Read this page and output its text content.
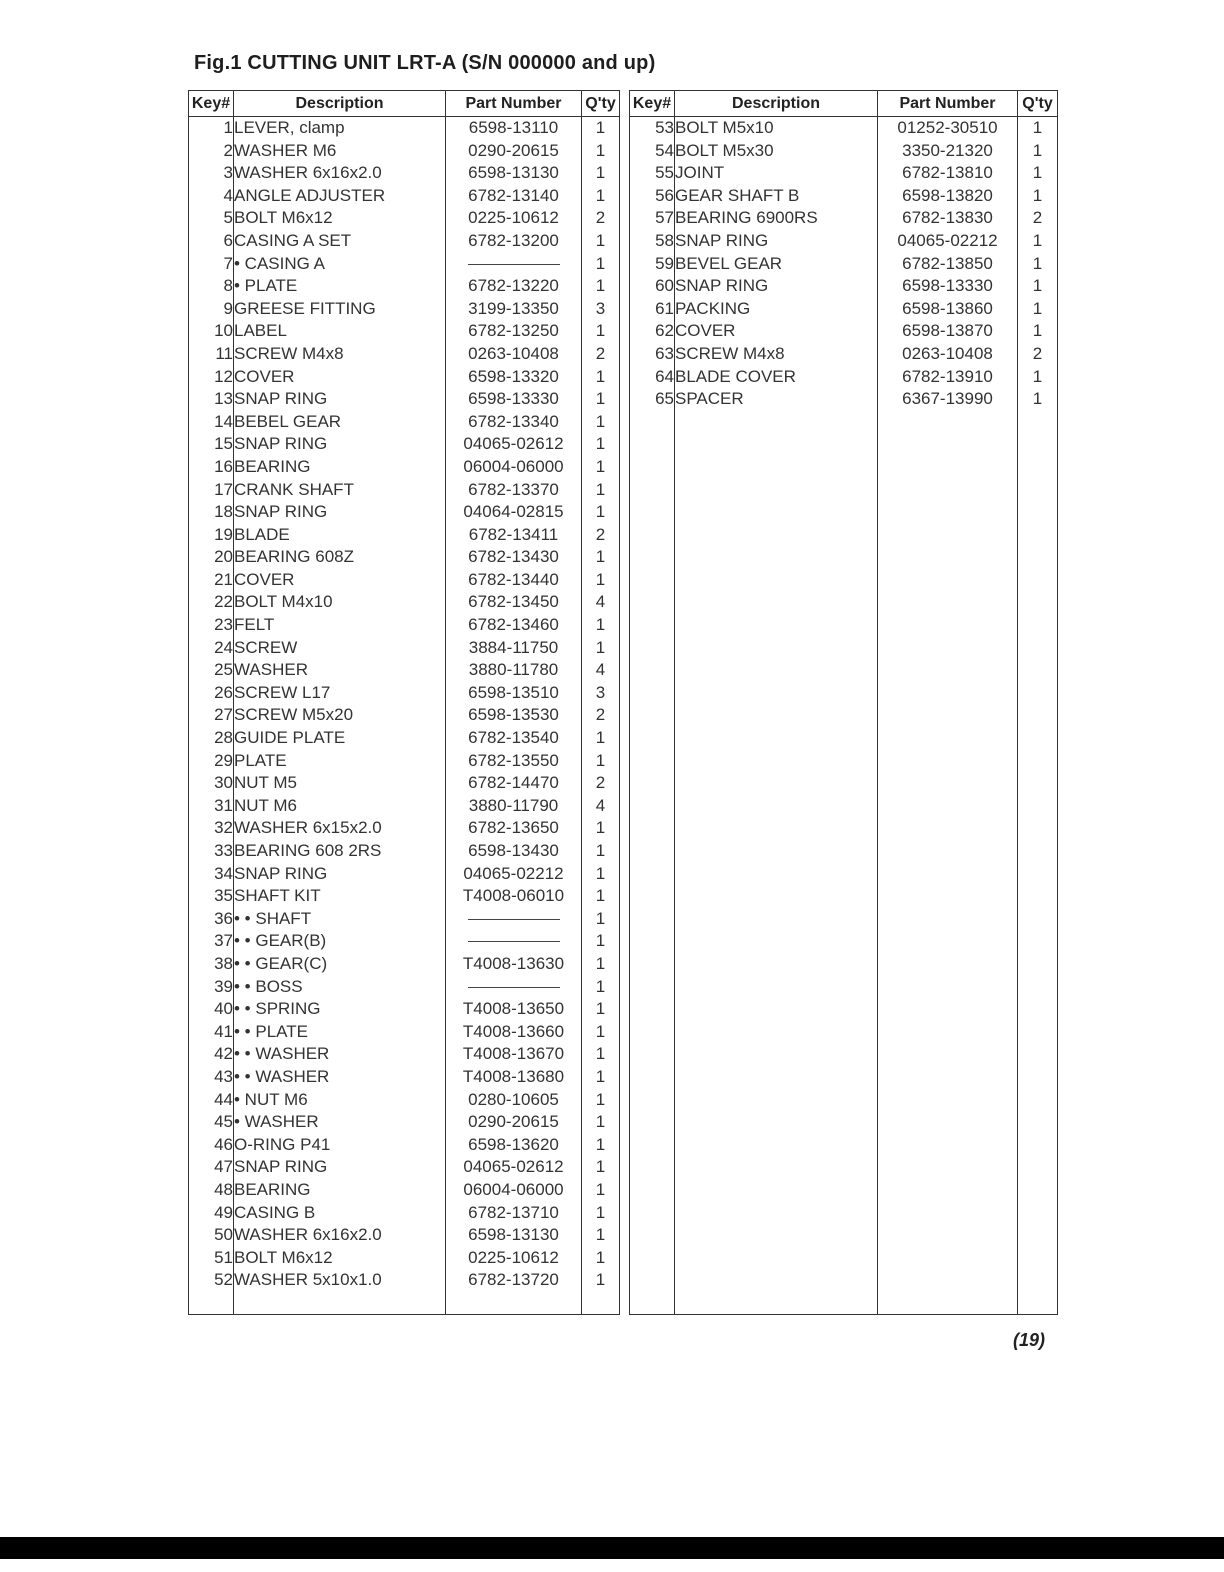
Fig.1 CUTTING UNIT LRT-A (S/N 000000 and up)
Key#	Description	Part Number	Q'ty
1	LEVER, clamp	6598-13110	1
2	WASHER M6	0290-20615	1
3	WASHER 6x16x2.0	6598-13130	1
4	ANGLE ADJUSTER	6782-13140	1
5	BOLT M6x12	0225-10612	2
6	CASING A SET	6782-13200	1
7	• CASING A		1
8	• PLATE	6782-13220	1
9	GREESE FITTING	3199-13350	3
10	LABEL	6782-13250	1
11	SCREW M4x8	0263-10408	2
12	COVER	6598-13320	1
13	SNAP RING	6598-13330	1
14	BEBEL GEAR	6782-13340	1
15	SNAP RING	04065-02612	1
16	BEARING	06004-06000	1
17	CRANK SHAFT	6782-13370	1
18	SNAP RING	04064-02815	1
19	BLADE	6782-13411	2
20	BEARING 608Z	6782-13430	1
21	COVER	6782-13440	1
22	BOLT M4x10	6782-13450	4
23	FELT	6782-13460	1
24	SCREW	3884-11750	1
25	WASHER	3880-11780	4
26	SCREW L17	6598-13510	3
27	SCREW M5x20	6598-13530	2
28	GUIDE PLATE	6782-13540	1
29	PLATE	6782-13550	1
30	NUT M5	6782-14470	2
31	NUT M6	3880-11790	4
32	WASHER 6x15x2.0	6782-13650	1
33	BEARING 608 2RS	6598-13430	1
34	SNAP RING	04065-02212	1
35	SHAFT KIT	T4008-06010	1
36	• • SHAFT		1
37	• • GEAR(B)		1
38	• • GEAR(C)	T4008-13630	1
39	• • BOSS		1
40	• • SPRING	T4008-13650	1
41	• • PLATE	T4008-13660	1
42	• • WASHER	T4008-13670	1
43	• • WASHER	T4008-13680	1
44	• NUT M6	0280-10605	1
45	• WASHER	0290-20615	1
46	O-RING P41	6598-13620	1
47	SNAP RING	04065-02612	1
48	BEARING	06004-06000	1
49	CASING B	6782-13710	1
50	WASHER 6x16x2.0	6598-13130	1
51	BOLT M6x12	0225-10612	1
52	WASHER 5x10x1.0	6782-13720	1

Key#	Description	Part Number	Q'ty
53	BOLT M5x10	01252-30510	1
54	BOLT M5x30	3350-21320	1
55	JOINT	6782-13810	1
56	GEAR SHAFT B	6598-13820	1
57	BEARING 6900RS	6782-13830	2
58	SNAP RING	04065-02212	1
59	BEVEL GEAR	6782-13850	1
60	SNAP RING	6598-13330	1
61	PACKING	6598-13860	1
62	COVER	6598-13870	1
63	SCREW M4x8	0263-10408	2
64	BLADE COVER	6782-13910	1
65	SPACER	6367-13990	1

(19)
